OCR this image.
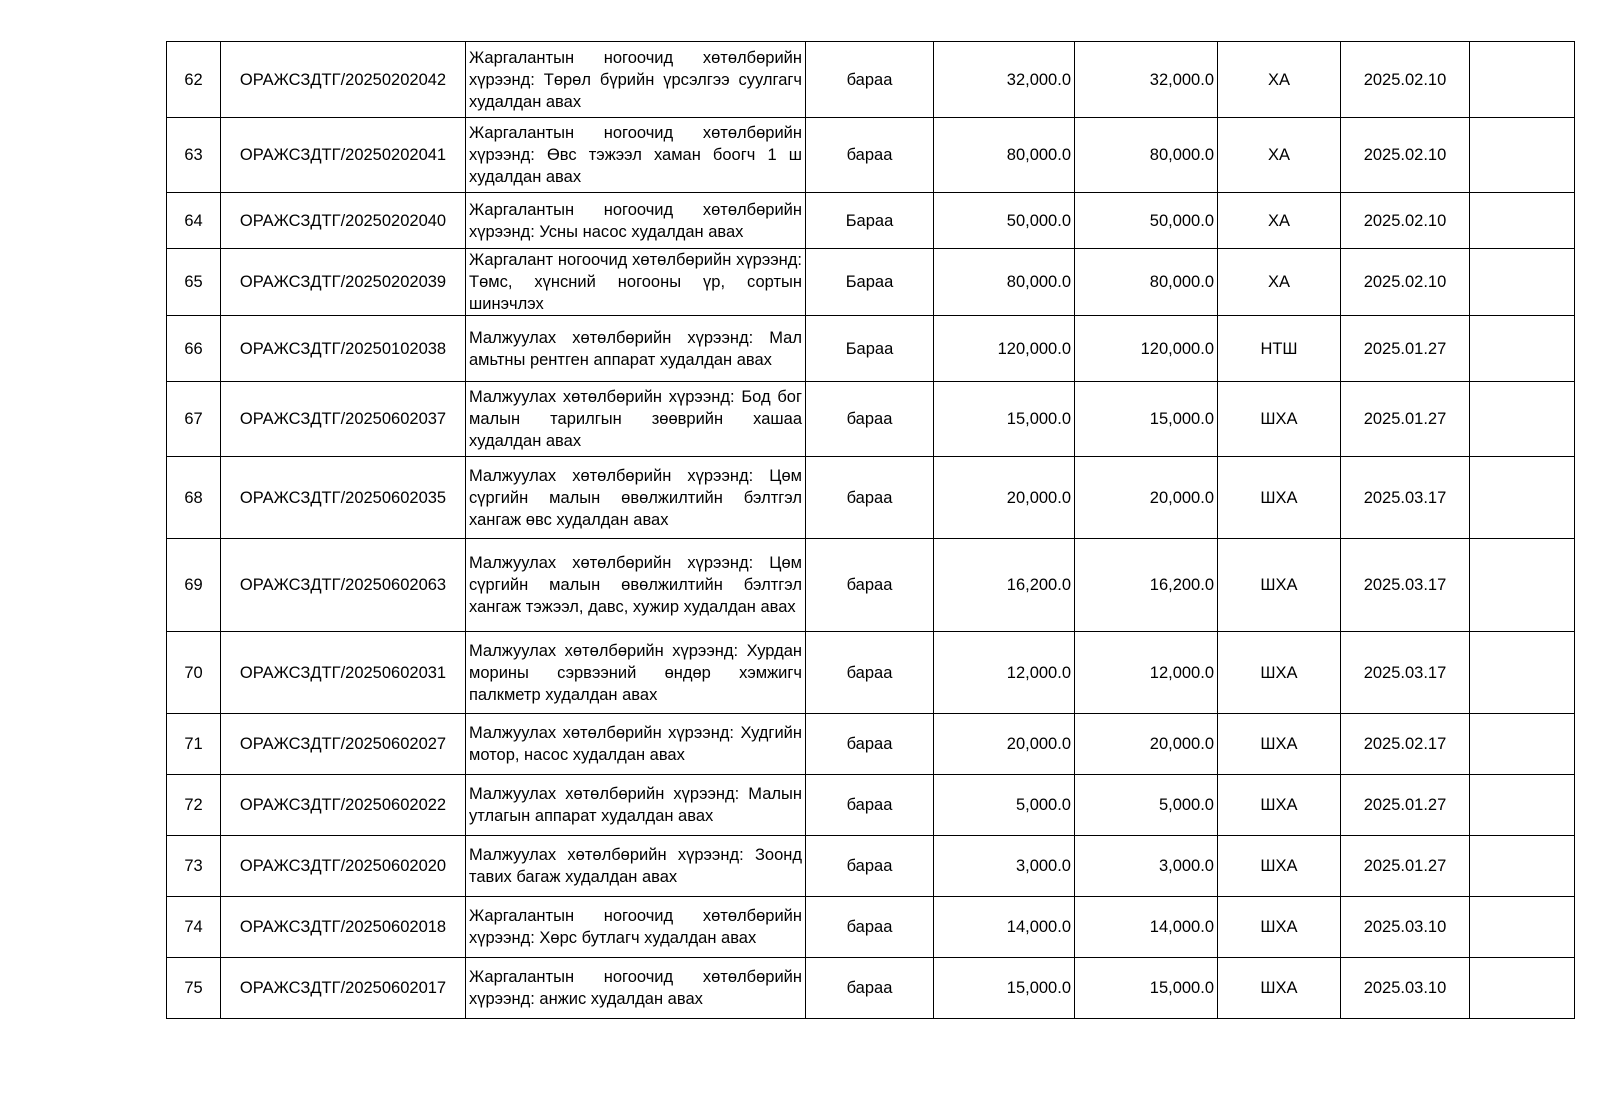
62	ОРАЖСЗДТГ/20250202042	Жаргалантын ногоочид хөтөлбөрийн хүрээнд: Төрөл бүрийн үрсэлгээ суулгагч худалдан авах	бараа	32,000.0	32,000.0	ХА	2025.02.10	
63	ОРАЖСЗДТГ/20250202041	Жаргалантын ногоочид хөтөлбөрийн хүрээнд: Өвс тэжээл хаман боогч 1 ш худалдан авах	бараа	80,000.0	80,000.0	ХА	2025.02.10	
64	ОРАЖСЗДТГ/20250202040	Жаргалантын ногоочид хөтөлбөрийн хүрээнд: Усны насос худалдан авах	Бараа	50,000.0	50,000.0	ХА	2025.02.10	
65	ОРАЖСЗДТГ/20250202039	Жаргалант ногоочид хөтөлбөрийн хүрээнд: Төмс, хүнсний ногооны үр, сортын шинэчлэх	Бараа	80,000.0	80,000.0	ХА	2025.02.10	
66	ОРАЖСЗДТГ/20250102038	Малжуулах хөтөлбөрийн хүрээнд: Мал амьтны рентген аппарат худалдан авах	Бараа	120,000.0	120,000.0	НТШ	2025.01.27	
67	ОРАЖСЗДТГ/20250602037	Малжуулах хөтөлбөрийн хүрээнд: Бод бог малын тарилгын зөөврийн хашаа худалдан авах	бараа	15,000.0	15,000.0	ШХА	2025.01.27	
68	ОРАЖСЗДТГ/20250602035	Малжуулах хөтөлбөрийн хүрээнд: Цөм сүргийн малын өвөлжилтийн бэлтгэл хангаж өвс худалдан авах	бараа	20,000.0	20,000.0	ШХА	2025.03.17	
69	ОРАЖСЗДТГ/20250602063	Малжуулах хөтөлбөрийн хүрээнд: Цөм сүргийн малын өвөлжилтийн бэлтгэл хангаж тэжээл, давс, хужир худалдан авах	бараа	16,200.0	16,200.0	ШХА	2025.03.17	
70	ОРАЖСЗДТГ/20250602031	Малжуулах хөтөлбөрийн хүрээнд: Хурдан морины сэрвээний өндөр хэмжигч палкметр худалдан авах	бараа	12,000.0	12,000.0	ШХА	2025.03.17	
71	ОРАЖСЗДТГ/20250602027	Малжуулах хөтөлбөрийн хүрээнд: Худгийн мотор, насос худалдан авах	бараа	20,000.0	20,000.0	ШХА	2025.02.17	
72	ОРАЖСЗДТГ/20250602022	Малжуулах хөтөлбөрийн хүрээнд: Малын утлагын аппарат худалдан авах	бараа	5,000.0	5,000.0	ШХА	2025.01.27	
73	ОРАЖСЗДТГ/20250602020	Малжуулах хөтөлбөрийн хүрээнд: Зоонд тавих багаж худалдан авах	бараа	3,000.0	3,000.0	ШХА	2025.01.27	
74	ОРАЖСЗДТГ/20250602018	Жаргалантын ногоочид хөтөлбөрийн хүрээнд: Хөрс бутлагч худалдан авах	бараа	14,000.0	14,000.0	ШХА	2025.03.10	
75	ОРАЖСЗДТГ/20250602017	Жаргалантын ногоочид хөтөлбөрийн хүрээнд: анжис худалдан авах	бараа	15,000.0	15,000.0	ШХА	2025.03.10	
